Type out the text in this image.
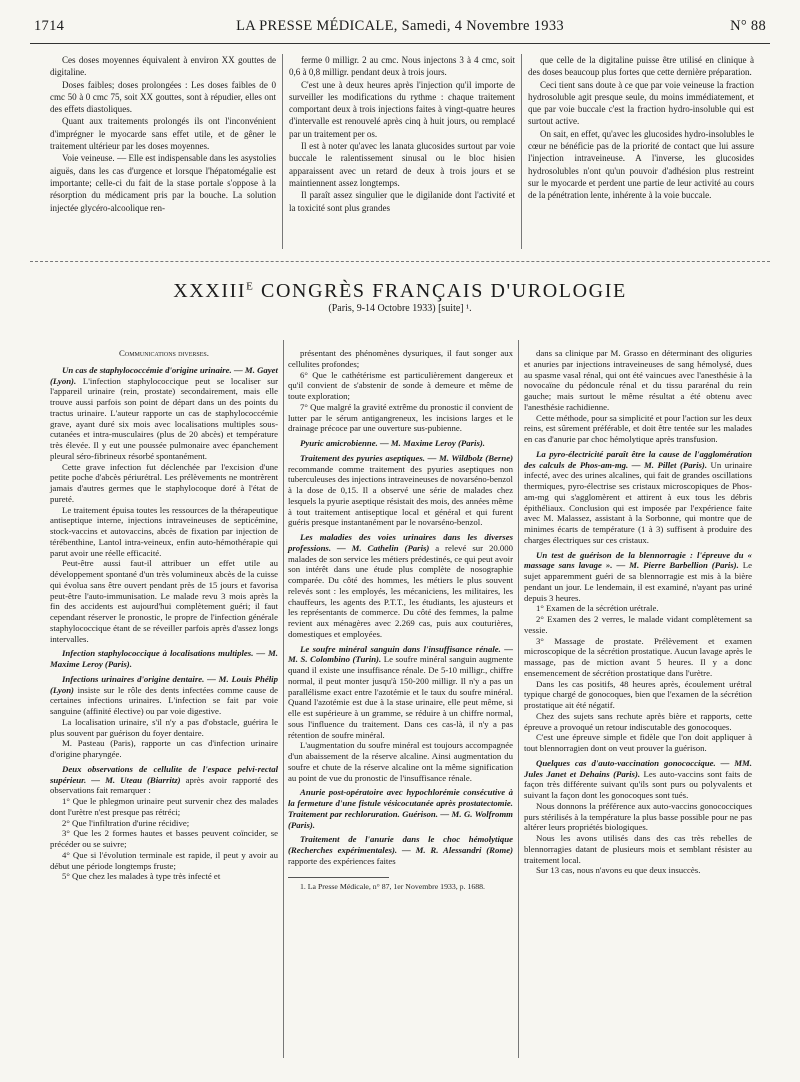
1714	LA PRESSE MÉDICALE, Samedi, 4 Novembre 1933	N° 88

Ces doses moyennes équivalent à environ XX gouttes de digitaline.

Doses faibles; doses prolongées : Les doses faibles de 0 cmc 50 à 0 cmc 75, soit XX gouttes, sont à répudier, elles ont des effets diastoliques.

Quant aux traitements prolongés ils ont l'inconvénient d'imprégner le myocarde sans effet utile, et de gêner le traitement ultérieur par les doses moyennes.

Voie veineuse. — Elle est indispensable dans les asystolies aiguës, dans les cas d'urgence et lorsque l'hépatomégalie est importante; celle-ci du fait de la stase portale s'oppose à la résorption du médicament pris par la bouche. La solution injectée glycéro-alcoolique ren-

ferme 0 milligr. 2 au cmc. Nous injectons 3 à 4 cmc, soit 0,6 à 0,8 milligr. pendant deux à trois jours.

C'est une à deux heures après l'injection qu'il importe de surveiller les modifications du rythme : chaque traitement comportant deux à trois injections faites à vingt-quatre heures d'intervalle est renouvelé après cinq à huit jours, ou remplacé par un traitement per os.

Il est à noter qu'avec les lanata glucosides surtout par voie buccale le ralentissement sinusal ou le bloc hisien apparaissent avec un retard de deux à trois jours et se maintiennent assez longtemps.

Il paraît assez singulier que le digilanide dont l'activité et la toxicité sont plus grandes

que celle de la digitaline puisse être utilisé en clinique à des doses beaucoup plus fortes que cette dernière préparation.

Ceci tient sans doute à ce que par voie veineuse la fraction hydrosoluble agit presque seule, du moins immédiatement, et que par voie buccale c'est la fraction hydro-insoluble qui est surtout active.

On sait, en effet, qu'avec les glucosides hydro-insolubles le cœur ne bénéficie pas de la priorité de contact que lui assure l'injection intraveineuse. A l'inverse, les glucosides hydrosolubles n'ont qu'un pouvoir d'adhésion plus restreint sur le myocarde et perdent une partie de leur activité au cours de la pénétration lente, inhérente à la voie buccale.

$XXXIII^E$ CONGRÈS FRANÇAIS D'UROLOGIE
(Paris, 9-14 Octobre 1933) [suite] ¹.

Communications diverses.

Un cas de staphylococcémie d'origine urinaire. — M. Gayet (Lyon). L'infection staphylococcique peut se localiser sur l'appareil urinaire (rein, prostate) secondairement, mais elle trouve aussi parfois son point de départ dans un des points du tractus urinaire. L'auteur rapporte un cas de staphylococcémie grave, ayant duré six mois avec localisations multiples sous-cutanées et intra-musculaires (plus de 20 abcès) et température très élevée. Il y eut une poussée pulmonaire avec épanchement pleural séro-fibrineux résorbé spontanément.

Cette grave infection fut déclenchée par l'excision d'une petite poche d'abcès périurétral. Les prélèvements ne montrèrent jamais d'autres germes que le staphylocoque doré à l'état de pureté.

Le traitement épuisa toutes les ressources de la thérapeutique antiseptique interne, injections intraveineuses de septicémine, stock-vaccins et autovaccins, abcès de fixation par injection de térébenthine, Lantol intra-veineux, enfin auto-hémothérapie qui parut avoir une réelle efficacité.

Peut-être aussi faut-il attribuer un effet utile au développement spontané d'un très volumineux abcès de la cuisse qui évolua sans être ouvert pendant près de 15 jours et favorisa peut-être l'auto-immunisation. Le malade revu 3 mois après la fin des accidents est aujourd'hui complètement guéri; il faut cependant réserver le pronostic, le propre de l'infection générale staphylococcique étant de se réveiller parfois après d'assez longs intervalles.

Infection staphylococcique à localisations multiples. — M. Maxime Leroy (Paris).

Infections urinaires d'origine dentaire. — M. Louis Phélip (Lyon) insiste sur le rôle des dents infectées comme cause de certaines infections urinaires. L'infection se fait par voie sanguine (affinité élective) ou par voie digestive.

La localisation urinaire, s'il n'y a pas d'obstacle, guérira le plus souvent par guérison du foyer dentaire.

M. Pasteau (Paris), rapporte un cas d'infection urinaire d'origine pharyngée.

Deux observations de cellulite de l'espace pelvi-rectal supérieur. — M. Uteau (Biarritz) après avoir rapporté des observations fait remarquer :

1° Que le phlegmon urinaire peut survenir chez des malades dont l'urètre n'est presque pas rétréci;

2° Que l'infiltration d'urine récidive;

3° Que les 2 formes hautes et basses peuvent coïncider, se précéder ou se suivre;

4° Que si l'évolution terminale est rapide, il peut y avoir au début une période longtemps fruste;

5° Que chez les malades à type très infecté et

présentant des phénomènes dysuriques, il faut songer aux cellulites profondes;

6° Que le cathétérisme est particulièrement dangereux et qu'il convient de s'abstenir de sonde à demeure et même de toute exploration;

7° Que malgré la gravité extrême du pronostic il convient de lutter par le sérum antigangreneux, les incisions larges et le drainage précoce par une ouverture sus-pubienne.

Pyuric amicrobienne. — M. Maxime Leroy (Paris).

Traitement des pyuries aseptiques. — M. Wildbolz (Berne) recommande comme traitement des pyuries aseptiques non tuberculeuses des injections intraveineuses de novarséno-benzol à la dose de 0,15. Il a observé une série de malades chez lesquels la pyurie aseptique résistait des mois, des années même à tout traitement antiseptique local et général et qui furent guéris presque instantanément par le novarséno-benzol.

Les maladies des voies urinaires dans les diverses professions. — M. Cathelin (Paris) a relevé sur 20.000 malades de son service les métiers prédestinés, ce qui peut avoir son intérêt dans une étude plus complète de nosographie comparée. Du côté des hommes, les métiers le plus souvent relevés sont : les employés, les mécaniciens, les militaires, les chauffeurs, les agents des P.T.T., les étudiants, les ajusteurs et les représentants de commerce. Du côté des femmes, la palme revient aux ménagères avec 2.269 cas, puis aux couturières, domestiques et employées.

Le soufre minéral sanguin dans l'insuffisance rénale. — M. S. Colombino (Turin). Le soufre minéral sanguin augmente quand il existe une insuffisance rénale. De 5-10 milligr., chiffre normal, il peut monter jusqu'à 150-200 milligr. Il n'y a pas un parallélisme exact entre l'azotémie et le taux du soufre minéral. Quand l'azotémie est due à la stase urinaire, elle peut même, si elle est supérieure à un gramme, se réduire à un chiffre normal, sous l'influence du traitement. Dans ces cas-là, il n'y a pas rétention de soufre minéral.

L'augmentation du soufre minéral est toujours accompagnée d'un abaissement de la réserve alcaline. Ainsi augmentation du soufre et chute de la réserve alcaline ont la même signification au point de vue du pronostic de l'insuffisance rénale.

Anurie post-opératoire avec hypochlorémie consécutive à la fermeture d'une fistule vésicocutanée après prostatectomie. Traitement par rechloruration. Guérison. — M. G. Wolfromm (Paris).

Traitement de l'anurie dans le choc hémolytique (Recherches expérimentales). — M. R. Alessandri (Rome) rapporte des expériences faites

1. La Presse Médicale, n° 87, 1er Novembre 1933, p. 1688.

dans sa clinique par M. Grasso en déterminant des oliguries et anuries par injections intraveineuses de sang hémolysé, dues au spasme vasal rénal, qui ont été vaincues avec l'anesthésie à la novocaïne du pédoncule rénal et du tissu pararénal du rein gauche; mais surtout le même résultat a été obtenu avec l'anesthésie rachidienne.

Cette méthode, pour sa simplicité et pour l'action sur les deux reins, est sûrement préférable, et doit être tentée sur les malades en cas d'anurie par choc hémolytique après transfusion.

La pyro-électricité paraît être la cause de l'agglomération des calculs de Phos-am-mg. — M. Pillet (Paris). Un urinaire infecté, avec des urines alcalines, qui fait de grandes oscillations thermiques, pyro-électrise ses cristaux microscopiques de Phos-am-mg qui s'agglomèrent et attirent à eux tous les débris épithéliaux. Conclusion qui est imposée par l'expérience faite avec M. Malassez, assistant à la Sorbonne, qui montre que de minimes écarts de température (1 à 3) suffisent à produire des charges électriques sur ces cristaux.

Un test de guérison de la blennorragie : l'épreuve du « massage sans lavage ». — M. Pierre Barbellion (Paris). Le sujet apparemment guéri de sa blennorragie est mis à la bière pendant un jour. Le lendemain, il est examiné, n'ayant pas uriné depuis 3 heures.

1° Examen de la sécrétion urétrale.

2° Examen des 2 verres, le malade vidant complètement sa vessie.

3° Massage de prostate. Prélèvement et examen microscopique de la sécrétion prostatique. Aucun lavage après le massage, pas de miction avant 5 heures. Il y a donc ensemencement de sécrétion prostatique dans l'urètre.

Dans les cas positifs, 48 heures après, écoulement urétral typique chargé de gonocoques, bien que l'examen de la sécrétion prostatique ait été négatif.

Chez des sujets sans rechute après bière et rapports, cette épreuve a provoqué un retour indiscutable des gonocoques.

C'est une épreuve simple et fidèle que l'on doit appliquer à tout blennorragien dont on veut prouver la guérison.

Quelques cas d'auto-vaccination gonococcique. — MM. Jules Janet et Dehains (Paris). Les auto-vaccins sont faits de façon très différente suivant qu'ils sont purs ou polyvalents et suivant la façon dont les gonocoques sont tués.

Nous donnons la préférence aux auto-vaccins gonococciques purs stérilisés à la température la plus basse possible pour ne pas altérer leurs propriétés biologiques.

Nous les avons utilisés dans des cas très rebelles de blennorragies datant de plusieurs mois et semblant résister au traitement local.

Sur 13 cas, nous n'avons eu que deux insuccès.
